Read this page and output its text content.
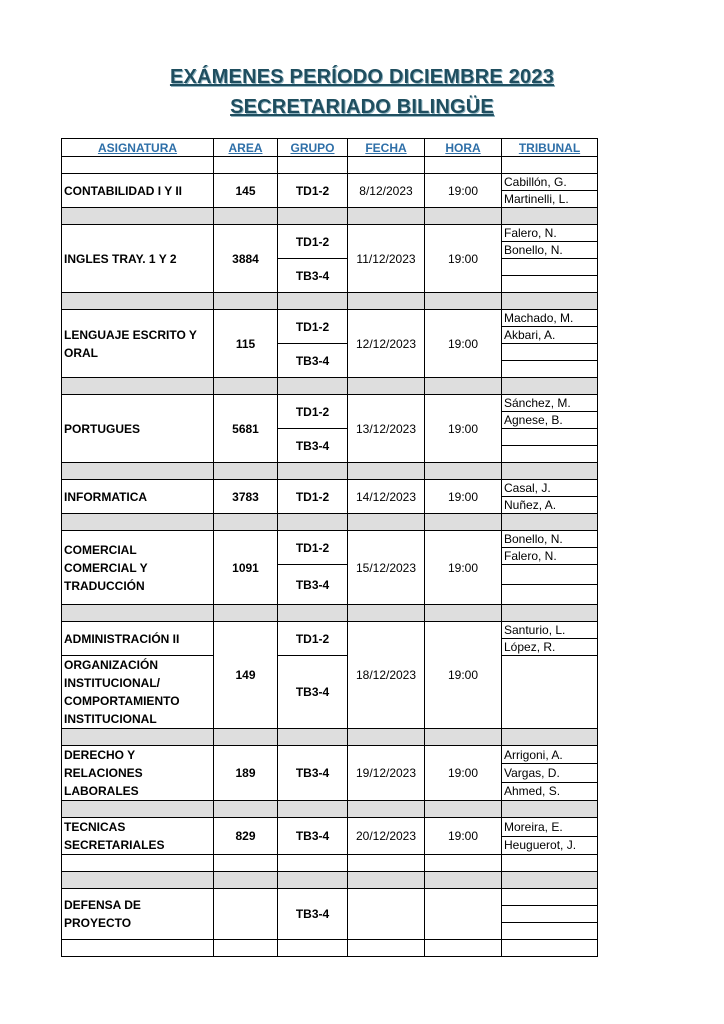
EXÁMENES PERÍODO DICIEMBRE 2023
SECRETARIADO BILINGÜE
ASIGNATURA	AREA	GRUPO	FECHA	HORA	TRIBUNAL

CONTABILIDAD I Y II	145	TD1-2	8/12/2023	19:00	Cabillón, G.
					Martinelli, L.

INGLES TRAY. 1 Y 2	3884	TD1-2	11/12/2023	19:00	Falero, N.
					Bonello, N.
		TB3-4			

LENGUAJE ESCRITO Y ORAL	115	TD1-2	12/12/2023	19:00	Machado, M.
					Akbari, A.
		TB3-4			

PORTUGUES	5681	TD1-2	13/12/2023	19:00	Sánchez, M.
					Agnese, B.
		TB3-4			

INFORMATICA	3783	TD1-2	14/12/2023	19:00	Casal, J.
					Nuñez, A.

COMERCIAL COMERCIAL Y TRADUCCIÓN	1091	TD1-2	15/12/2023	19:00	Bonello, N.
					Falero, N.
		TB3-4			

ADMINISTRACIÓN II	149	TD1-2	18/12/2023	19:00	Santurio, L.
					López, R.
ORGANIZACIÓN INSTITUCIONAL/ COMPORTAMIENTO INSTITUCIONAL		TB3-4			

DERECHO Y RELACIONES LABORALES	189	TB3-4	19/12/2023	19:00	Arrigoni, A.
					Vargas, D.
					Ahmed, S.

TECNICAS SECRETARIALES	829	TB3-4	20/12/2023	19:00	Moreira, E.
					Heuguerot, J.

DEFENSA DE PROYECTO		TB3-4			
